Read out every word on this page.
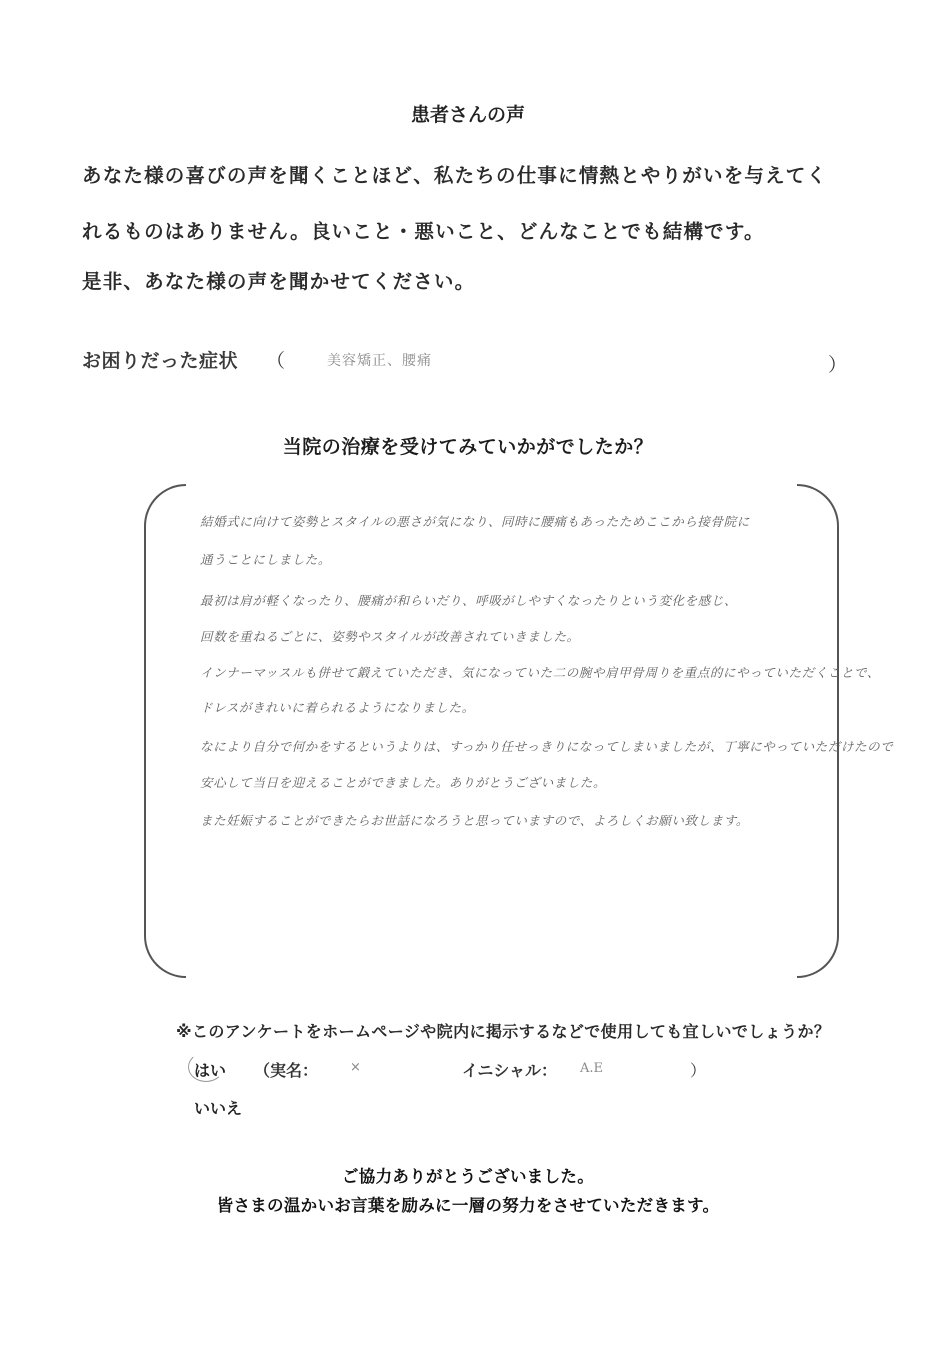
患者さんの声
あなた様の喜びの声を聞くことほど、私たちの仕事に情熱とやりがいを与えてく
れるものはありません。良いこと・悪いこと、どんなことでも結構です。
是非、あなた様の声を聞かせてください。
お困りだった症状 （	美容矯正、腰痛	）
当院の治療を受けてみていかがでしたか？
結婚式に向けて姿勢とスタイルの悪さが気になり、同時に腰痛もあったためここから接骨院に
通うことにしました。
最初は肩が軽くなったり、腰痛が和らいだり、呼吸がしやすくなったりという変化を感じ、
回数を重ねるごとに、姿勢やスタイルが改善されていきました。
インナーマッスルも併せて鍛えていただき、気になっていた二の腕や肩甲骨周りを重点的にやっていただくことで、
ドレスがきれいに着られるようになりました。
なにより自分で何かをするというよりは、すっかり任せっきりになってしまいましたが、丁寧にやっていただけたので
安心して当日を迎えることができました。ありがとうございました。
また妊娠することができたらお世話になろうと思っていますので、よろしくお願い致します。
※このアンケートをホームページや院内に掲示するなどで使用しても宜しいでしょうか？
はい （実名： ×	イニシャル： A.E	）
いいえ
ご協力ありがとうございました。
皆さまの温かいお言葉を励みに一層の努力をさせていただきます。
